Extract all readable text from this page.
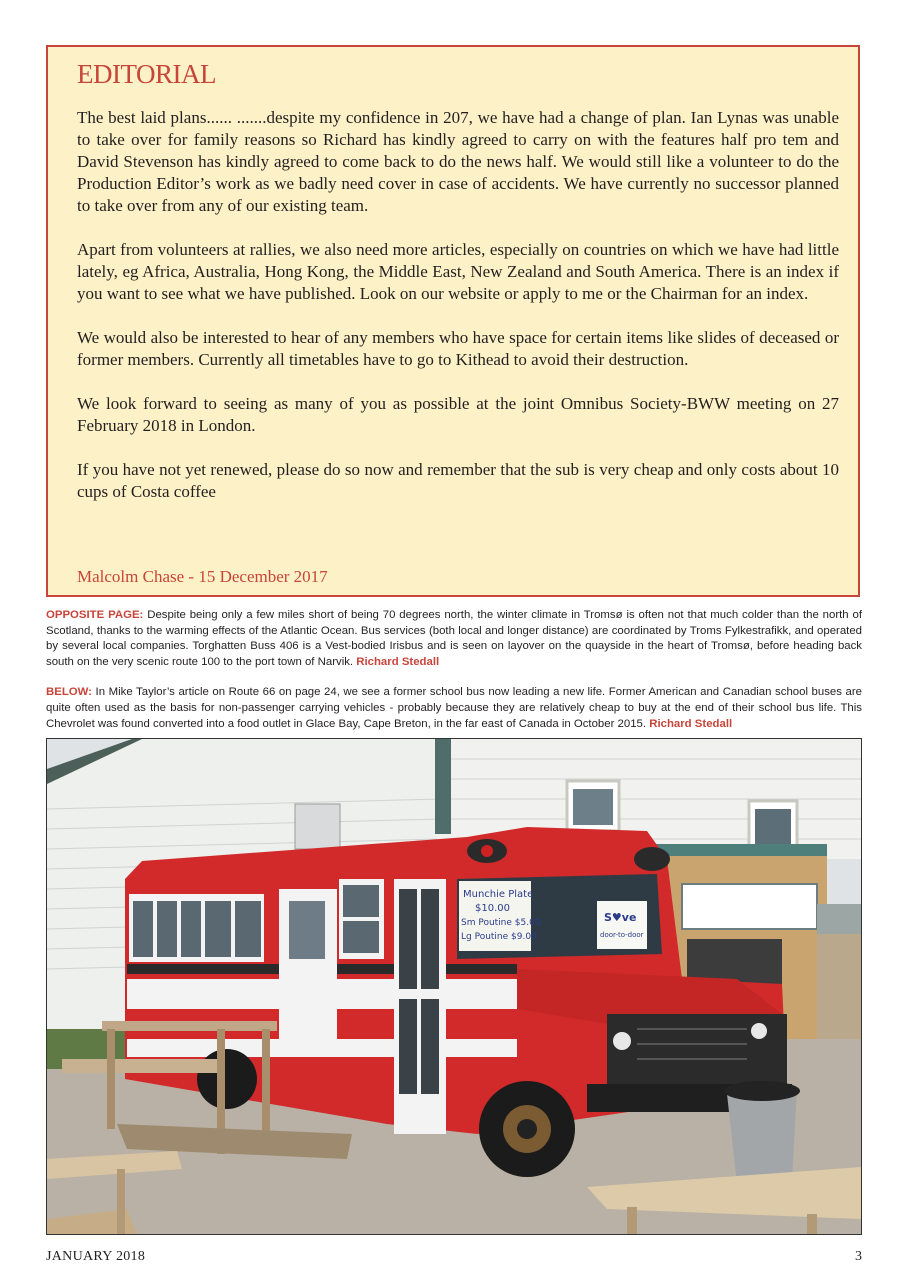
EDITORIAL

The best laid plans...... .......despite my confidence in 207, we have had a change of plan. Ian Lynas was unable to take over for family reasons so Richard has kindly agreed to carry on with the features half pro tem and David Stevenson has kindly agreed to come back to do the news half. We would still like a volunteer to do the Production Editor’s work as we badly need cover in case of accidents. We have currently no successor planned to take over from any of our existing team.

Apart from volunteers at rallies, we also need more articles, especially on countries on which we have had little lately, eg Africa, Australia, Hong Kong, the Middle East, New Zealand and South America. There is an index if you want to see what we have published. Look on our website or apply to me or the Chairman for an index.

We would also be interested to hear of any members who have space for certain items like slides of deceased or former members. Currently all timetables have to go to Kithead to avoid their destruction.

We look forward to seeing as many of you as possible at the joint Omnibus Society-BWW meeting on 27 February 2018 in London.

If you have not yet renewed, please do so now and remember that the sub is very cheap and only costs about 10 cups of Costa coffee

Malcolm Chase - 15 December 2017

OPPOSITE PAGE: Despite being only a few miles short of being 70 degrees north, the winter climate in Tromsø is often not that much colder than the north of Scotland, thanks to the warming effects of the Atlantic Ocean. Bus services (both local and longer distance) are coordinated by Troms Fylkestrafikk, and operated by several local companies. Torghatten Buss 406 is a Vest-bodied Irisbus and is seen on layover on the quayside in the heart of Tromsø, before heading back south on the very scenic route 100 to the port town of Narvik. Richard Stedall

BELOW: In Mike Taylor’s article on Route 66 on page 24, we see a former school bus now leading a new life. Former American and Canadian school buses are quite often used as the basis for non-passenger carrying vehicles - probably because they are relatively cheap to buy at the end of their school bus life. This Chevrolet was found converted into a food outlet in Glace Bay, Cape Breton, in the far east of Canada in October 2015. Richard Stedall

Munchie Plate
$10.00
Sm Poutine $5.00
Lg Poutine $9.00
S♥ve
door-to-door
JANUARY 2018	3
